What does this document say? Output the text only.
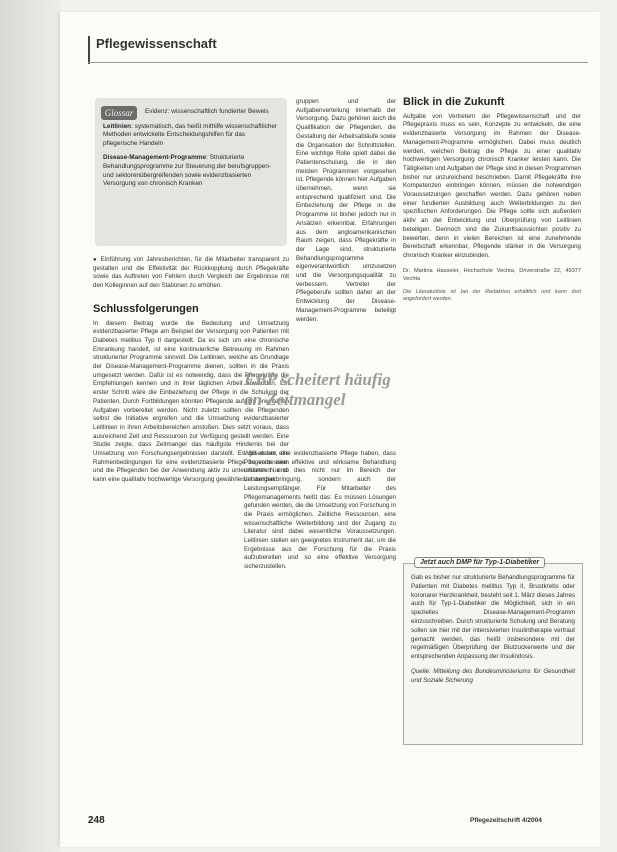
Pflegewissenschaft
Glossar	Evidenz: wissenschaftlich fundierter Beweis
Leitlinien: systematisch, das heißt mithilfe wissenschaftlicher Methoden entwickelte Entscheidungshilfen für das pflegerische Handeln
Disease-Management-Programme: Strukturierte Behandlungsprogramme zur Steuerung der berufsgruppen- und sektorenübergreifenden sowie evidenzbasierten Versorgung von chronisch Kranken

● Einführung von Jahresberichten, für die Mitarbeiter transparent zu gestalten und die Effektivität der Rückkopplung durch Pflegekräfte sowie das Auftreten von Fehlern durch Vergleich der Ergebnisse mit den Kolleginnen auf den Stationen zu erhöhen.

Schlussfolgerungen

In diesem Beitrag wurde die Bedeutung und Umsetzung evidenzbasierter Pflege am Beispiel der Versorgung von Patienten mit Diabetes mellitus Typ II dargestellt. Da es sich um eine chronische Erkrankung handelt, ist eine kontinuierliche Betreuung im Rahmen strukturierter Programme sinnvoll. Die Leitlinien, welche als Grundlage der Disease-Management-Programme dienen, sollten in die Praxis umgesetzt werden. Dafür ist es notwendig, dass die Pflegekräfte die Empfehlungen kennen und in ihrer täglichen Arbeit anwenden. Ein erster Schritt wäre die Einbeziehung der Pflege in die Schulung der Patienten. Durch Fortbildungen könnten Pflegende auf ihre erweiterten Aufgaben vorbereitet werden. Nicht zuletzt sollten die Pflegenden selbst die Initiative ergreifen und die Umsetzung evidenzbasierter Leitlinien in ihren Arbeitsbereichen anstoßen. Dies setzt voraus, dass ausreichend Zeit und Ressourcen zur Verfügung gestellt werden. Eine Studie zeigte, dass Zeitmangel das häufigste Hindernis bei der Umsetzung von Forschungsergebnissen darstellt. Es gilt daher, die Rahmenbedingungen für eine evidenzbasierte Pflege zu verbessern und die Pflegenden bei der Anwendung aktiv zu unterstützen. Nur so kann eine qualitativ hochwertige Versorgung gewährleistet werden.

gruppen und der Aufgabenverteilung innerhalb der Versorgung. Dazu gehören auch die Qualifikation der Pflegenden, die Gestaltung der Arbeitsabläufe sowie die Organisation der Schnittstellen. Eine wichtige Rolle spielt dabei die Patientenschulung, die in den meisten Programmen vorgesehen ist. Pflegende können hier Aufgaben übernehmen, wenn sie entsprechend qualifiziert sind. Die Einbeziehung der Pflege in die Programme ist bisher jedoch nur in Ansätzen erkennbar. Erfahrungen aus dem angloamerikanischen Raum zeigen, dass Pflegekräfte in der Lage sind, strukturierte Behandlungsprogramme eigenverantwortlich umzusetzen und die Versorgungsqualität zu verbessern. Vertreter der Pflegeberufe sollten daher an der Entwicklung der Disease-Management-Programme beteiligt werden.

EBP scheitert häufig an Zeitmangel

Wissen um eine evidenzbasierte Pflege haben, dass Pflegende eine effektive und wirksame Behandlung umsetzen und dies nicht nur im Bereich der Leistungserbringung, sondern auch der Leistungsempfänger. Für Mitarbeiter des Pflegemanagements heißt das: Es müssen Lösungen gefunden werden, die die Umsetzung von Forschung in die Praxis ermöglichen. Zeitliche Ressourcen, eine wissenschaftliche Weiterbildung und der Zugang zu Literatur sind dabei wesentliche Voraussetzungen. Leitlinien stellen ein geeignetes Instrument dar, um die Ergebnisse aus der Forschung für die Praxis aufzubereiten und so eine effektive Versorgung sicherzustellen.

Blick in die Zukunft

Aufgabe von Vertretern der Pflegewissenschaft und der Pflegepraxis muss es sein, Konzepte zu entwickeln, die eine evidenzbasierte Versorgung im Rahmen der Disease-Management-Programme ermöglichen. Dabei muss deutlich werden, welchen Beitrag die Pflege zu einer qualitativ hochwertigen Versorgung chronisch Kranker leisten kann. Die Tätigkeiten und Aufgaben der Pflege sind in diesen Programmen bisher nur unzureichend beschrieben. Damit Pflegekräfte ihre Kompetenzen einbringen können, müssen die notwendigen Voraussetzungen geschaffen werden. Dazu gehören neben einer fundierten Ausbildung auch Weiterbildungen zu den spezifischen Anforderungen. Die Pflege sollte sich außerdem aktiv an der Entwicklung und Überprüfung von Leitlinien beteiligen. Dennoch sind die Zukunftsaussichten positiv zu bewerten, denn in vielen Bereichen ist eine zunehmende Bereitschaft erkennbar, Pflegende stärker in die Versorgung chronisch Kranker einzubinden.

Dr. Martina Hasseler, Hochschule Vechta, Driverstraße 22, 49377 Vechta
Die Literaturliste ist bei der Redaktion erhältlich und kann dort angefordert werden.
Jetzt auch DMP für Typ-1-Diabetiker
Gab es bisher nur strukturierte Behandlungsprogramme für Patienten mit Diabetes mellitus Typ II, Brustkrebs oder koronarer Herzkrankheit, besteht seit 1. März dieses Jahres auch für Typ-1-Diabetiker die Möglichkeit, sich in ein spezielles Disease-Management-Programm einzuschreiben. Durch strukturierte Schulung und Beratung sollen sie hier mit der intensivierten Insulintherapie vertraut gemacht werden, das heißt insbesondere mit der regelmäßigen Überprüfung der Blutzuckerwerte und der entsprechenden Anpassung der Insulindosis.
Quelle: Mitteilung des Bundesministeriums für Gesundheit und Soziale Sicherung
248	Pflegezeitschrift 4/2004
